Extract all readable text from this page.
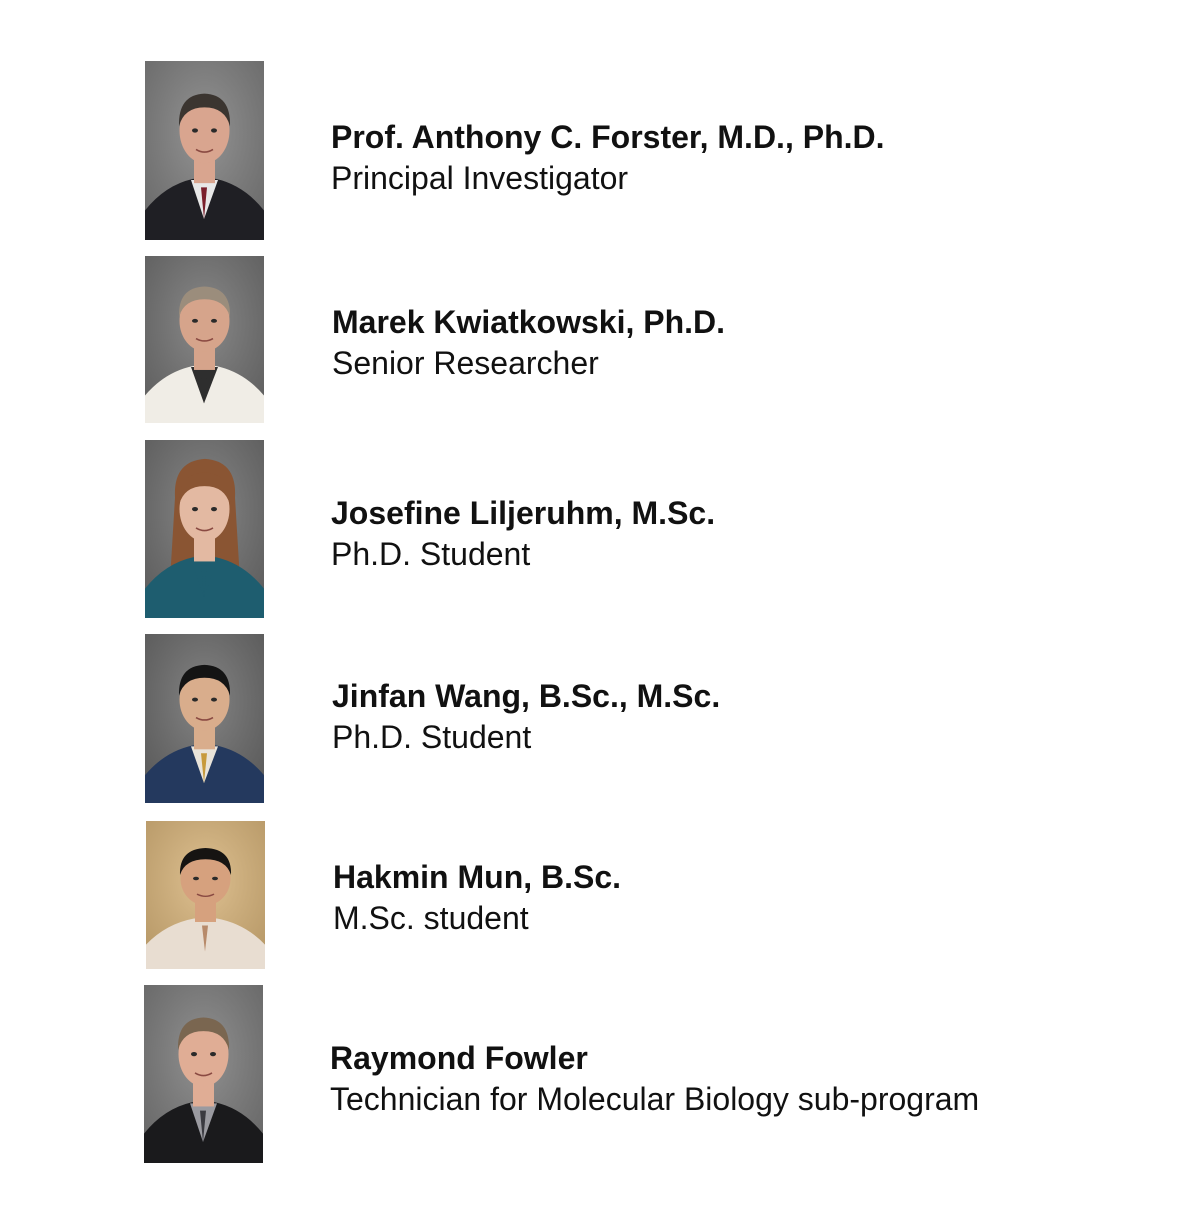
Prof. Anthony C. Forster, M.D., Ph.D.
Principal Investigator
Marek Kwiatkowski, Ph.D.
Senior Researcher
Josefine Liljeruhm, M.Sc.
Ph.D. Student
Jinfan Wang, B.Sc., M.Sc.
Ph.D. Student
Hakmin Mun, B.Sc.
M.Sc. student
Raymond Fowler
Technician for Molecular Biology sub-program
